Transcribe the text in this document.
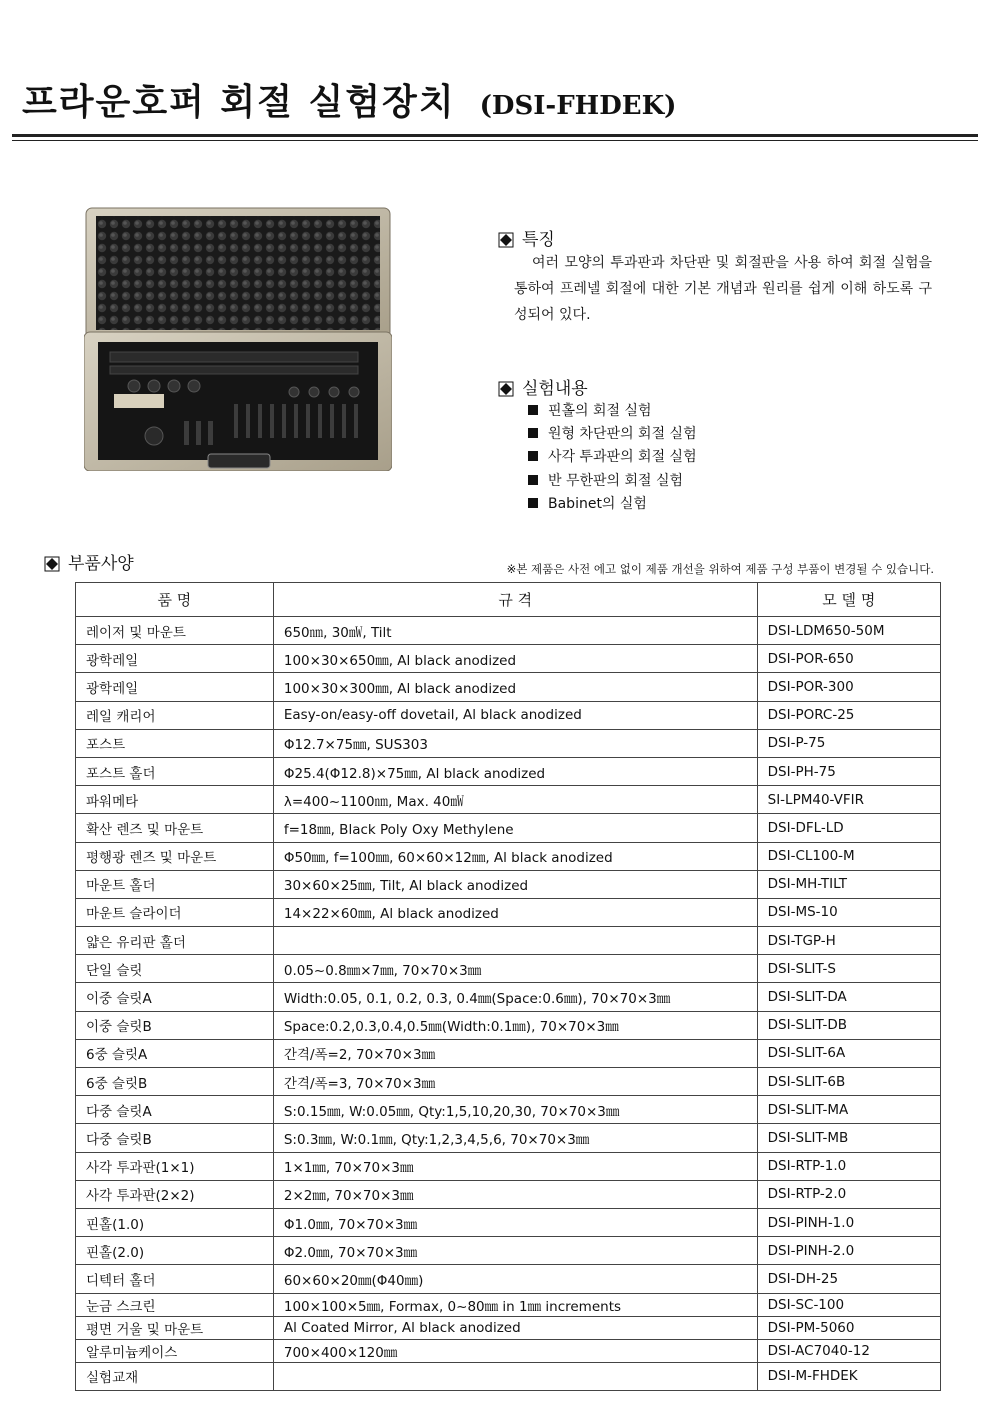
프라운호퍼 회절 실험장치 (DSI-FHDEK)
특징
여러 모양의 투과판과 차단판 및 회절판을 사용 하여 회절 실험을 통하여 프레넬 회절에 대한 기본 개념과 원리를 쉽게 이해 하도록 구성되어 있다.
실험내용
핀홀의 회절 실험
원형 차단판의 회절 실험
사각 투과판의 회절 실험
반 무한판의 회절 실험
Babinet의 실험
부품사양	※본 제품은 사전 에고 없이 제품 개선을 위하여 제품 구성 부품이 변경될 수 있습니다.
품 명	규 격	모 델 명
레이저 및 마운트	650㎚, 30㎽, Tilt	DSI-LDM650-50M
광학레일	100×30×650㎜, Al black anodized	DSI-POR-650
광학레일	100×30×300㎜, Al black anodized	DSI-POR-300
레일 캐리어	Easy-on/easy-off dovetail, Al black anodized	DSI-PORC-25
포스트	Φ12.7×75㎜, SUS303	DSI-P-75
포스트 홀더	Φ25.4(Φ12.8)×75㎜, Al black anodized	DSI-PH-75
파워메타	λ=400~1100㎚, Max. 40㎽	SI-LPM40-VFIR
확산 렌즈 및 마운트	f=18㎜, Black Poly Oxy Methylene	DSI-DFL-LD
평행광 렌즈 및 마운트	Φ50㎜, f=100㎜, 60×60×12㎜, Al black anodized	DSI-CL100-M
마운트 홀더	30×60×25㎜, Tilt, Al black anodized	DSI-MH-TILT
마운트 슬라이더	14×22×60㎜, Al black anodized	DSI-MS-10
얇은 유리판 홀더		DSI-TGP-H
단일 슬릿	0.05~0.8㎜×7㎜, 70×70×3㎜	DSI-SLIT-S
이중 슬릿A	Width:0.05, 0.1, 0.2, 0.3, 0.4㎜(Space:0.6㎜), 70×70×3㎜	DSI-SLIT-DA
이중 슬릿B	Space:0.2,0.3,0.4,0.5㎜(Width:0.1㎜), 70×70×3㎜	DSI-SLIT-DB
6중 슬릿A	간격/폭=2, 70×70×3㎜	DSI-SLIT-6A
6중 슬릿B	간격/폭=3, 70×70×3㎜	DSI-SLIT-6B
다중 슬릿A	S:0.15㎜, W:0.05㎜, Qty:1,5,10,20,30, 70×70×3㎜	DSI-SLIT-MA
다중 슬릿B	S:0.3㎜, W:0.1㎜, Qty:1,2,3,4,5,6, 70×70×3㎜	DSI-SLIT-MB
사각 투과판(1×1)	1×1㎜, 70×70×3㎜	DSI-RTP-1.0
사각 투과판(2×2)	2×2㎜, 70×70×3㎜	DSI-RTP-2.0
핀홀(1.0)	Φ1.0㎜, 70×70×3㎜	DSI-PINH-1.0
핀홀(2.0)	Φ2.0㎜, 70×70×3㎜	DSI-PINH-2.0
디텍터 홀더	60×60×20㎜(Φ40㎜)	DSI-DH-25
눈금 스크린	100×100×5㎜, Formax, 0~80㎜ in 1㎜ increments	DSI-SC-100
평면 거울 및 마운트	Al Coated Mirror, Al black anodized	DSI-PM-5060
알루미늄케이스	700×400×120㎜	DSI-AC7040-12
실험교재		DSI-M-FHDEK
